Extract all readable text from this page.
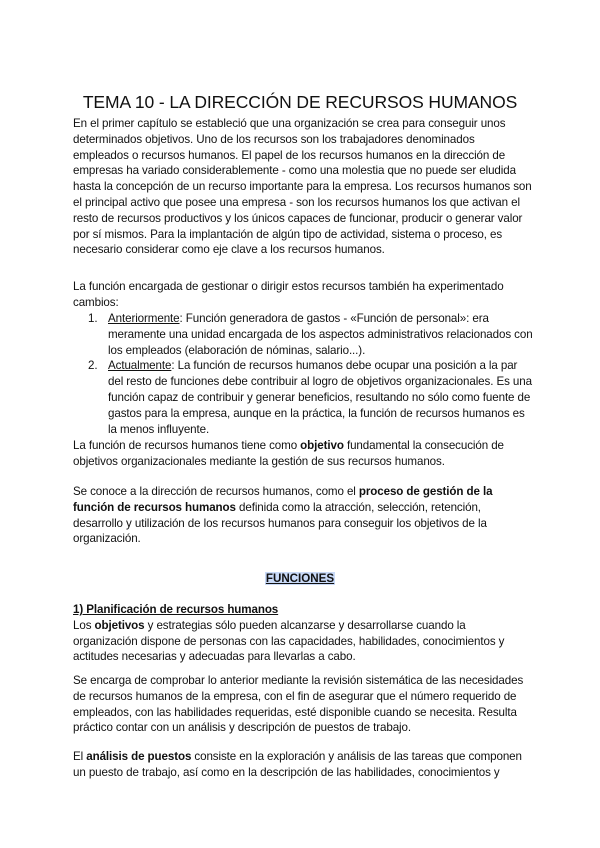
TEMA 10 - LA DIRECCIÓN DE RECURSOS HUMANOS

En el primer capítulo se estableció que una organización se crea para conseguir unos determinados objetivos. Uno de los recursos son los trabajadores denominados empleados o recursos humanos. El papel de los recursos humanos en la dirección de empresas ha variado considerablemente - como una molestia que no puede ser eludida hasta la concepción de un recurso importante para la empresa. Los recursos humanos son el principal activo que posee una empresa - son los recursos humanos los que activan el resto de recursos productivos y los únicos capaces de funcionar, producir o generar valor por sí mismos. Para la implantación de algún tipo de actividad, sistema o proceso, es necesario considerar como eje clave a los recursos humanos.

La función encargada de gestionar o dirigir estos recursos también ha experimentado cambios:

1. Anteriormente: Función generadora de gastos - «Función de personal»: era meramente una unidad encargada de los aspectos administrativos relacionados con los empleados (elaboración de nóminas, salario...).
2. Actualmente: La función de recursos humanos debe ocupar una posición a la par del resto de funciones debe contribuir al logro de objetivos organizacionales. Es una función capaz de contribuir y generar beneficios, resultando no sólo como fuente de gastos para la empresa, aunque en la práctica, la función de recursos humanos es la menos influyente.

La función de recursos humanos tiene como objetivo fundamental la consecución de objetivos organizacionales mediante la gestión de sus recursos humanos.

Se conoce a la dirección de recursos humanos, como el proceso de gestión de la función de recursos humanos definida como la atracción, selección, retención, desarrollo y utilización de los recursos humanos para conseguir los objetivos de la organización.

FUNCIONES

1) Planificación de recursos humanos
Los objetivos y estrategias sólo pueden alcanzarse y desarrollarse cuando la organización dispone de personas con las capacidades, habilidades, conocimientos y actitudes necesarias y adecuadas para llevarlas a cabo.

Se encarga de comprobar lo anterior mediante la revisión sistemática de las necesidades de recursos humanos de la empresa, con el fin de asegurar que el número requerido de empleados, con las habilidades requeridas, esté disponible cuando se necesita. Resulta práctico contar con un análisis y descripción de puestos de trabajo.

El análisis de puestos consiste en la exploración y análisis de las tareas que componen un puesto de trabajo, así como en la descripción de las habilidades, conocimientos y
